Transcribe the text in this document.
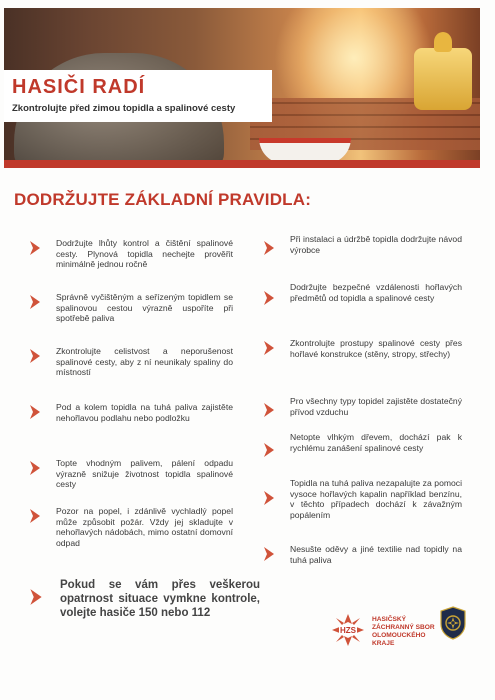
HASIČI RADÍ
Zkontrolujte před zimou topidla a spalinové cesty
DODRŽUJTE ZÁKLADNÍ PRAVIDLA:
Dodržujte lhůty kontrol a čištění spalinové cesty. Plynová topidla nechejte prověřit minimálně jednou ročně
Správně vyčištěným a seřízeným topidlem se spalinovou cestou výrazně uspoříte při spotřebě paliva
Zkontrolujte celistvost a neporušenost spalinové cesty, aby z ní neunikaly spaliny do místností
Pod a kolem topidla na tuhá paliva zajistěte nehořlavou podlahu nebo podložku
Topte vhodným palivem, pálení odpadu výrazně snižuje životnost topidla spalinové cesty
Pozor na popel, i zdánlivě vychladlý popel může způsobit požár. Vždy jej skladujte v nehořlavých nádobách, mimo ostatní domovní odpad
Při instalaci a údržbě topidla dodržujte návod výrobce
Dodržujte bezpečné vzdálenosti hořlavých předmětů od topidla a spalinové cesty
Zkontrolujte prostupy spalinové cesty přes hořlavé konstrukce (stěny, stropy, střechy)
Pro všechny typy topidel zajistěte dostatečný přívod vzduchu
Netopte vlhkým dřevem, dochází pak k rychlému zanášení spalinové cesty
Topidla na tuhá paliva nezapalujte za pomoci vysoce hořlavých kapalin například benzínu, v těchto případech dochází k závažným popálením
Nesušte oděvy a jiné textilie nad topidly na tuhá paliva
Pokud se vám přes veškerou opatrnost situace vymkne kontrole, volejte hasiče 150 nebo 112
HZS
HASIČSKÝ
ZÁCHRANNÝ SBOR
OLOMOUCKÉHO
KRAJE
